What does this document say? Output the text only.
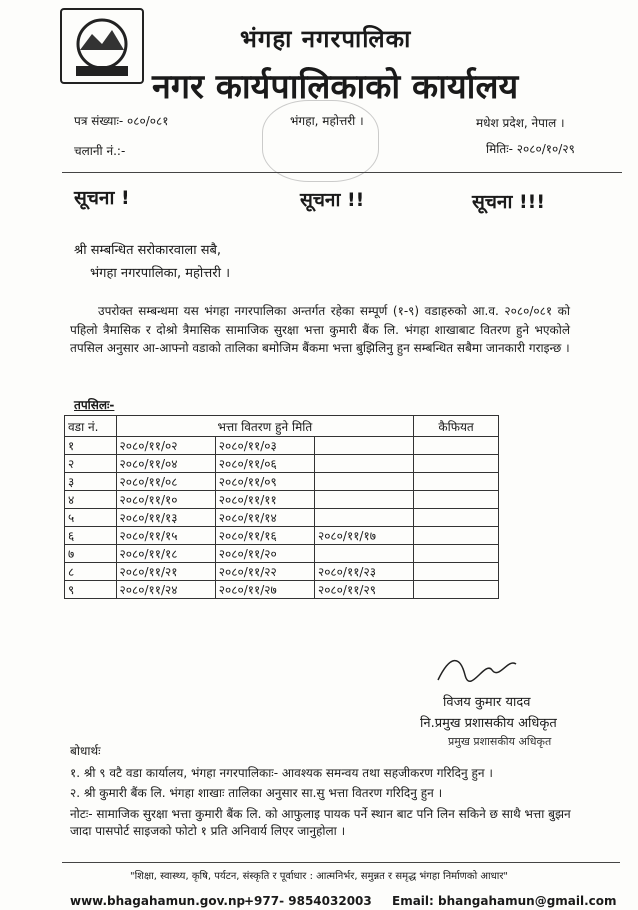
भंगहा नगरपालिका
नगर कार्यपालिकाको कार्यालय
पत्र संख्याः- ०८०/०८१
चलानी नं.:-
भंगहा, महोत्तरी ।	मधेश प्रदेश, नेपाल ।
मितिः- २०८०/१०/२९
सूचना !	सूचना !!	सूचना !!!
श्री सम्बन्धित सरोकारवाला सबै,
भंगहा नगरपालिका, महोत्तरी ।
उपरोक्त सम्बन्धमा यस भंगहा नगरपालिका अन्तर्गत रहेका सम्पूर्ण (१-९) वडाहरुको आ.व. २०८०/०८१ को पहिलो त्रैमासिक र दोश्रो त्रैमासिक सामाजिक सुरक्षा भत्ता कुमारी बैंक लि. भंगहा शाखाबाट वितरण हुने भएकोले तपसिल अनुसार आ-आफ्नो वडाको तालिका बमोजिम बैंकमा भत्ता बुझिलिनु हुन सम्बन्धित सबैमा जानकारी गराइन्छ ।
तपसिलः-
वडा नं.	भत्ता वितरण हुने मिति			कैफियत
१	२०८०/११/०२	२०८०/११/०३		
२	२०८०/११/०४	२०८०/११/०६		
३	२०८०/११/०८	२०८०/११/०९		
४	२०८०/११/१०	२०८०/११/११		
५	२०८०/११/१३	२०८०/११/१४		
६	२०८०/११/१५	२०८०/११/१६	२०८०/११/१७	
७	२०८०/११/१८	२०८०/११/२०		
८	२०८०/११/२१	२०८०/११/२२	२०८०/११/२३	
९	२०८०/११/२४	२०८०/११/२७	२०८०/११/२९	
विजय कुमार यादव
नि.प्रमुख प्रशासकीय अधिकृत
प्रमुख प्रशासकीय अधिकृत
बोधार्थः
१. श्री ९ वटै वडा कार्यालय, भंगहा नगरपालिकाः- आवश्यक समन्वय तथा सहजीकरण गरिदिनु हुन ।
२. श्री कुमारी बैंक लि. भंगहा शाखाः तालिका अनुसार सा.सु भत्ता वितरण गरिदिनु हुन ।
नोटः- सामाजिक सुरक्षा भत्ता कुमारी बैंक लि. को आफुलाइ पायक पर्ने स्थान बाट पनि लिन सकिने छ साथै भत्ता बुझन जादा पासपोर्ट साइजको फोटो १ प्रति अनिवार्य लिएर जानुहोला ।
"शिक्षा, स्वास्थ्य, कृषि, पर्यटन, संस्कृति र पूर्वाधार : आत्मनिर्भर, समुन्नत र समृद्ध भंगहा निर्माणको आधार"
www.bhagahamun.gov.np
+977- 9854032003 Email: bhangahamun@gmail.com
